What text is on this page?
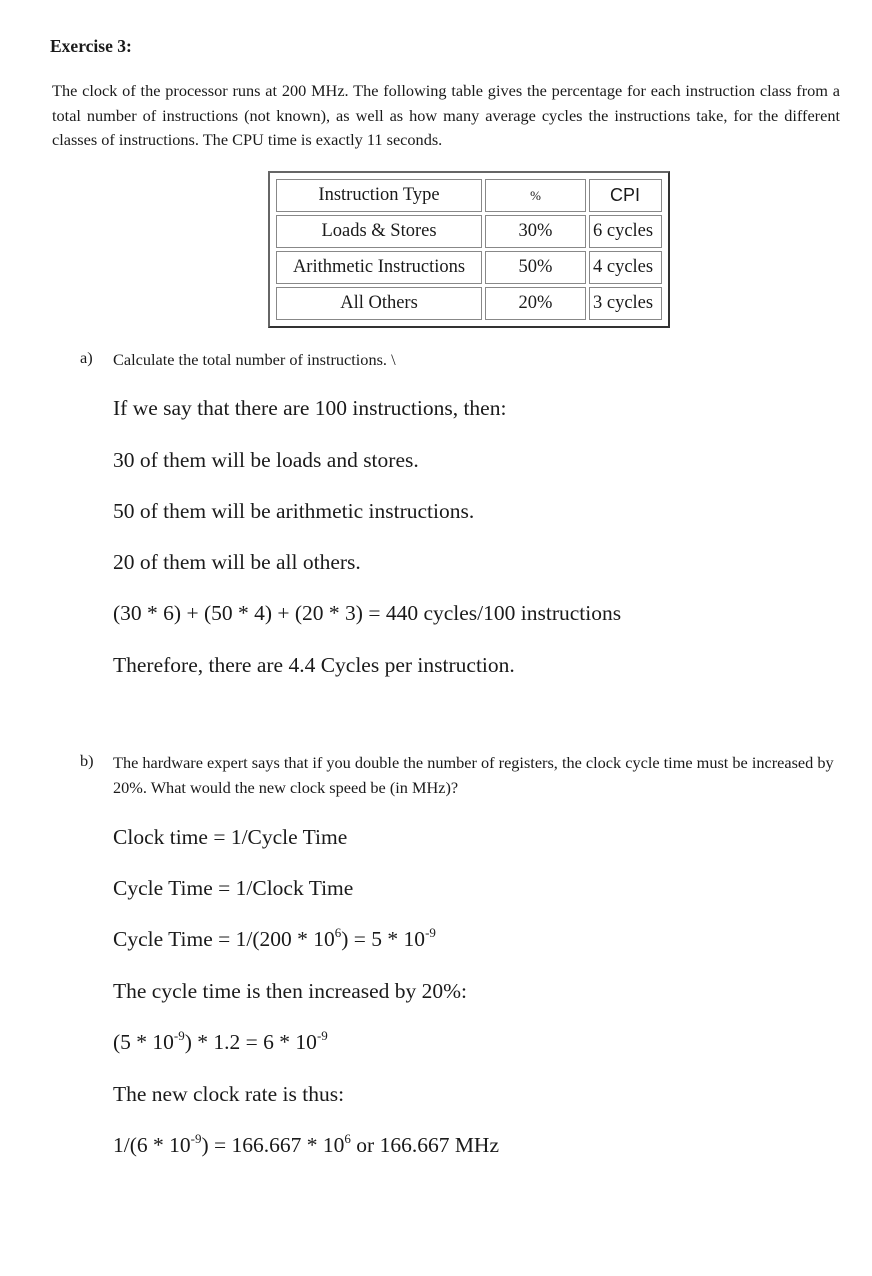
Exercise 3:
The clock of the processor runs at 200 MHz. The following table gives the percentage for each instruction class from a total number of instructions (not known), as well as how many average cycles the instructions take, for the different classes of instructions. The CPU time is exactly 11 seconds.
Instruction Type	%	CPI
Loads & Stores	30%	6 cycles
Arithmetic Instructions	50%	4 cycles
All Others	20%	3 cycles
a) Calculate the total number of instructions. \
If we say that there are 100 instructions, then:
30 of them will be loads and stores.
50 of them will be arithmetic instructions.
20 of them will be all others.
(30 * 6) + (50 * 4) + (20 * 3) = 440 cycles/100 instructions
Therefore, there are 4.4 Cycles per instruction.
b) The hardware expert says that if you double the number of registers, the clock cycle time must be increased by 20%. What would the new clock speed be (in MHz)?
Clock time = 1/Cycle Time
Cycle Time = 1/Clock Time
Cycle Time = $1/(200 * 10^6) = 5 * 10^{-9}$
The cycle time is then increased by 20%:
$(5 * 10^{-9}) * 1.2 = 6 * 10^{-9}$
The new clock rate is thus:
$1/(6 * 10^{-9}) = 166.667 * 10^6$ or 166.667 MHz
